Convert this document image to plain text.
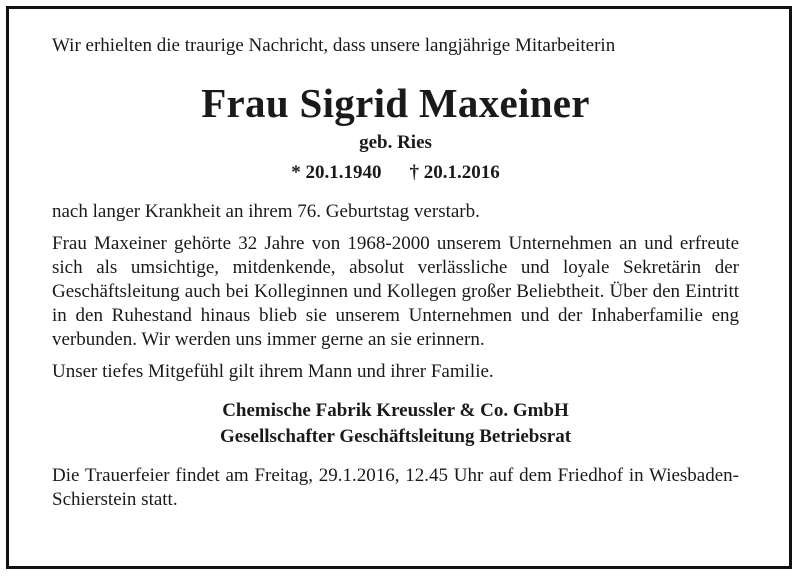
Wir erhielten die traurige Nachricht, dass unsere langjährige Mitarbeiterin

Frau Sigrid Maxeiner

geb. Ries

* 20.1.1940 † 20.1.2016

nach langer Krankheit an ihrem 76. Geburtstag verstarb.

Frau Maxeiner gehörte 32 Jahre von 1968-2000 unserem Unternehmen an und erfreute sich als umsichtige, mitdenkende, absolut verlässliche und loyale Sekretärin der Geschäftsleitung auch bei Kolleginnen und Kollegen großer Beliebtheit. Über den Eintritt in den Ruhestand hinaus blieb sie unserem Unternehmen und der Inhaberfamilie eng verbunden. Wir werden uns immer gerne an sie erinnern.

Unser tiefes Mitgefühl gilt ihrem Mann und ihrer Familie.

Chemische Fabrik Kreussler & Co. GmbH

Gesellschafter Geschäftsleitung Betriebsrat

Die Trauerfeier findet am Freitag, 29.1.2016, 12.45 Uhr auf dem Friedhof in Wiesbaden-Schierstein statt.
